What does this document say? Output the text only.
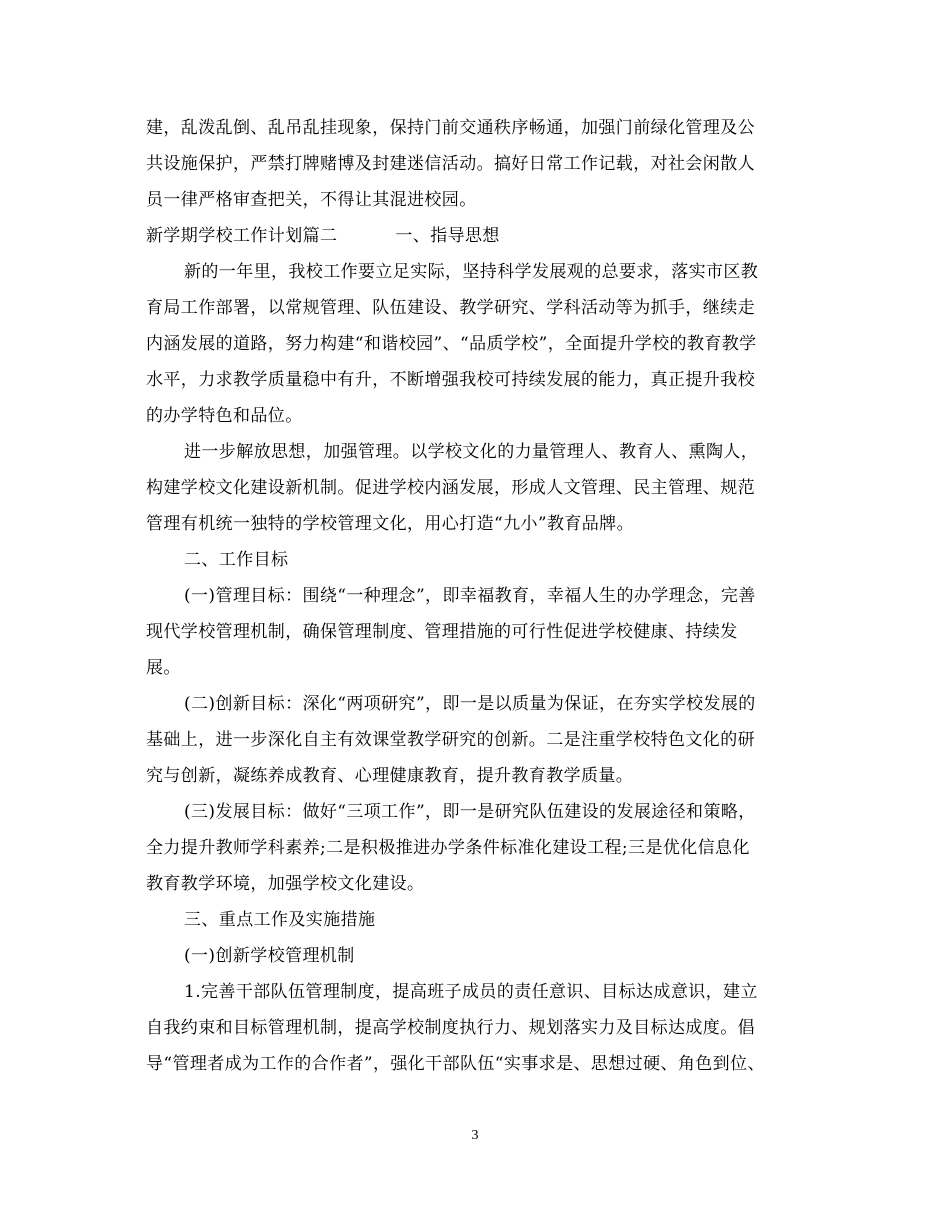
建，乱泼乱倒、乱吊乱挂现象，保持门前交通秩序畅通，加强门前绿化管理及公
共设施保护，严禁打牌赌博及封建迷信活动。搞好日常工作记载，对社会闲散人
员一律严格审查把关，不得让其混进校园。
新学期学校工作计划篇二	一、指导思想
新的一年里，我校工作要立足实际，坚持科学发展观的总要求，落实市区教
育局工作部署，以常规管理、队伍建设、教学研究、学科活动等为抓手，继续走
内涵发展的道路，努力构建“和谐校园”、“品质学校”，全面提升学校的教育教学
水平，力求教学质量稳中有升，不断增强我校可持续发展的能力，真正提升我校
的办学特色和品位。
进一步解放思想，加强管理。以学校文化的力量管理人、教育人、熏陶人，
构建学校文化建设新机制。促进学校内涵发展，形成人文管理、民主管理、规范
管理有机统一独特的学校管理文化，用心打造“九小”教育品牌。
二、工作目标
(一)管理目标：围绕“一种理念”，即幸福教育，幸福人生的办学理念，完善
现代学校管理机制，确保管理制度、管理措施的可行性促进学校健康、持续发
展。
(二)创新目标：深化“两项研究”，即一是以质量为保证，在夯实学校发展的
基础上，进一步深化自主有效课堂教学研究的创新。二是注重学校特色文化的研
究与创新，凝练养成教育、心理健康教育，提升教育教学质量。
(三)发展目标：做好“三项工作”，即一是研究队伍建设的发展途径和策略，
全力提升教师学科素养;二是积极推进办学条件标准化建设工程;三是优化信息化
教育教学环境，加强学校文化建设。
三、重点工作及实施措施
(一)创新学校管理机制
1.完善干部队伍管理制度，提高班子成员的责任意识、目标达成意识，建立
自我约束和目标管理机制，提高学校制度执行力、规划落实力及目标达成度。倡
导“管理者成为工作的合作者”，强化干部队伍“实事求是、思想过硬、角色到位、
3
